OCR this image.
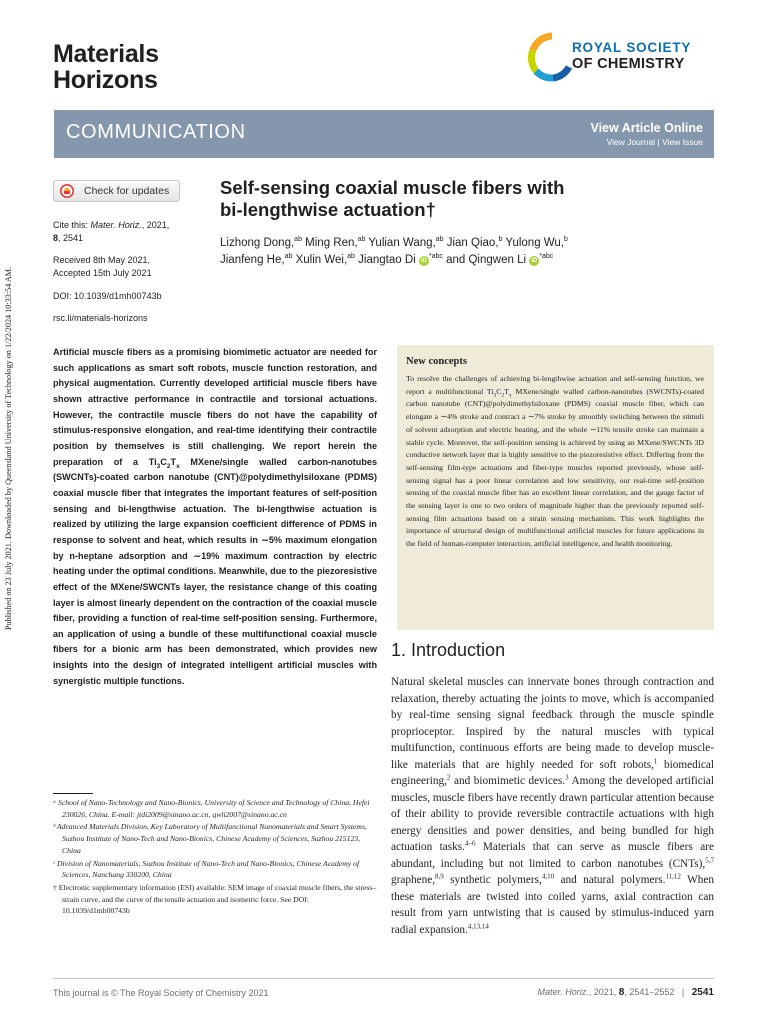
Published on 23 July 2021. Downloaded by Queensland University of Technology on 1/22/2024 10:33:54 AM.
Materials
Horizons
ROYAL SOCIETY
OF CHEMISTRY
COMMUNICATION	View Article Online
View Journal | View Issue
Check for updates
Cite this: Mater. Horiz., 2021,
8, 2541
Received 8th May 2021,
Accepted 15th July 2021
DOI: 10.1039/d1mh00743b
rsc.li/materials-horizons
Self-sensing coaxial muscle fibers with
bi-lengthwise actuation†
Lizhong Dong,$^{ab}$ Ming Ren,$^{ab}$ Yulian Wang,$^{ab}$ Jian Qiao,$^b$ Yulong Wu,$^b$
Jianfeng He,$^{ab}$ Xulin Wei,$^{ab}$ Jiangtao Di $iD^{*abc}$ and Qingwen Li $iD^{*abc}$
Artificial muscle fibers as a promising biomimetic actuator are needed for such applications as smart soft robots, muscle function restoration, and physical augmentation. Currently developed artificial muscle fibers have shown attractive performance in contractile and torsional actuations. However, the contractile muscle fibers do not have the capability of stimulus-responsive elongation, and real-time identifying their contractile position by themselves is still challenging. We report herein the preparation of a $Ti_3C_2T_x$ MXene/single walled carbon-nanotubes (SWCNTs)-coated carbon nanotube (CNT)@polydimethylsiloxane (PDMS) coaxial muscle fiber that integrates the important features of self-position sensing and bi-lengthwise actuation. The bi-lengthwise actuation is realized by utilizing the large expansion coefficient difference of PDMS in response to solvent and heat, which results in ∼5% maximum elongation by n-heptane adsorption and ∼19% maximum contraction by electric heating under the optimal conditions. Meanwhile, due to the piezoresistive effect of the MXene/SWCNTs layer, the resistance change of this coating layer is almost linearly dependent on the contraction of the coaxial muscle fiber, providing a function of real-time self-position sensing. Furthermore, an application of using a bundle of these multifunctional coaxial muscle fibers for a bionic arm has been demonstrated, which provides new insights into the design of integrated intelligent artificial muscles with synergistic multiple functions.
New concepts
To resolve the challenges of achieving bi-lengthwise actuation and self-sensing function, we report a multifunctional $Ti_3C_2T_x$ MXene/single walled carbon-nanotubes (SWCNTs)-coated carbon nanotube (CNT)@polydimethylsiloxane (PDMS) coaxial muscle fiber, which can elongate a ∼4% stroke and contract a ∼7% stroke by smoothly switching between the stimuli of solvent adsorption and electric heating, and the whole ∼11% tensile stroke can maintain a stable cycle. Moreover, the self-position sensing is achieved by using an MXene/SWCNTs 3D conductive network layer that is highly sensitive to the piezoresistive effect. Differing from the self-sensing film-type actuations and fiber-type muscles reported previously, whose self-sensing signal has a poor linear correlation and low sensitivity, our real-time self-position sensing of the coaxial muscle fiber has an excellent linear correlation, and the gauge factor of the sensing layer is one to two orders of magnitude higher than the previously reported self-sensing film actuations based on a strain sensing mechanism. This work highlights the importance of structural design of multifunctional artificial muscles for future applications in the field of human-computer interaction, artificial intelligence, and health monitoring.
1. Introduction
Natural skeletal muscles can innervate bones through contraction and relaxation, thereby actuating the joints to move, which is accompanied by real-time sensing signal feedback through the muscle spindle proprioceptor. Inspired by the natural muscles with typical multifunction, continuous efforts are being made to develop muscle-like materials that are highly needed for soft robots,$^1$ biomedical engineering,$^2$ and biomimetic devices.$^3$ Among the developed artificial muscles, muscle fibers have recently drawn particular attention because of their ability to provide reversible contractile actuations with high energy densities and power densities, and being bundled for high actuation tasks.$^{4-6}$ Materials that can serve as muscle fibers are abundant, including but not limited to carbon nanotubes (CNTs),$^{5,7}$ graphene,$^{8,9}$ synthetic polymers,$^{4,10}$ and natural polymers.$^{11,12}$ When these materials are twisted into coiled yarns, axial contraction can result from yarn untwisting that is caused by stimulus-induced yarn radial expansion.$^{4,13,14}$

ᵃ School of Nano-Technology and Nano-Bionics, University of Science and Technology of China, Hefei 230026, China. E-mail: jtdi2009@sinano.ac.cn, qwli2007@sinano.ac.cn

ᵇ Advanced Materials Division, Key Laboratory of Multifunctional Nanomaterials and Smart Systems, Suzhou Institute of Nano-Tech and Nano-Bionics, Chinese Academy of Sciences, Suzhou 215123, China

ᶜ Division of Nanomaterials, Suzhou Institute of Nano-Tech and Nano-Bionics, Chinese Academy of Sciences, Nanchang 330200, China

† Electronic supplementary information (ESI) available: SEM image of coaxial muscle fibers, the stress–strain curve, and the curve of the tensile actuation and isometric force. See DOI: 10.1039/d1mh00743b

This journal is © The Royal Society of Chemistry 2021	Mater. Horiz., 2021, 8, 2541–2552 | 2541
